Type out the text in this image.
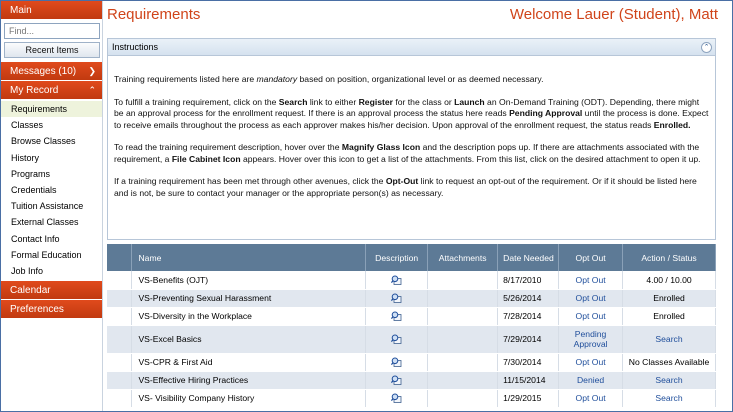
Main
Find...
Recent Items
Messages (10) ❯
My Record	⌃
Requirements
Classes
Browse Classes
History
Programs
Credentials
Tuition Assistance
External Classes
Contact Info
Formal Education
Job Info
Calendar
Preferences
Requirements	Welcome Lauer (Student), Matt
Instructions	⌃

Training requirements listed here are mandatory based on position, organizational level or as deemed necessary.

To fulfill a training requirement, click on the Search link to either Register for the class or Launch an On-Demand Training (ODT). Depending, there might be an approval process for the enrollment request. If there is an approval process the status here reads Pending Approval until the process is done. Expect to receive emails throughout the process as each approver makes his/her decision. Upon approval of the enrollment request, the status reads Enrolled.

To read the training requirement description, hover over the Magnify Glass Icon and the description pops up. If there are attachments associated with the requirement, a File Cabinet Icon appears. Hover over this icon to get a list of the attachments. From this list, click on the desired attachment to open it up.

If a training requirement has been met through other avenues, click the Opt-Out link to request an opt-out of the requirement. Or if it should be listed here and is not, be sure to contact your manager or the appropriate person(s) as necessary.

	Name	Description	Attachments	Date Needed	Opt Out	Action / Status
	VS-Benefits (OJT)			8/17/2010	Opt Out	4.00 / 10.00
	VS-Preventing Sexual Harassment			5/26/2014	Opt Out	Enrolled
	VS-Diversity in the Workplace			7/28/2014	Opt Out	Enrolled
	VS-Excel Basics			7/29/2014	Pending Approval	Search
	VS-CPR & First Aid			7/30/2014	Opt Out	No Classes Available
	VS-Effective Hiring Practices			11/15/2014	Denied	Search
	VS- Visibility Company History			1/29/2015	Opt Out	Search
